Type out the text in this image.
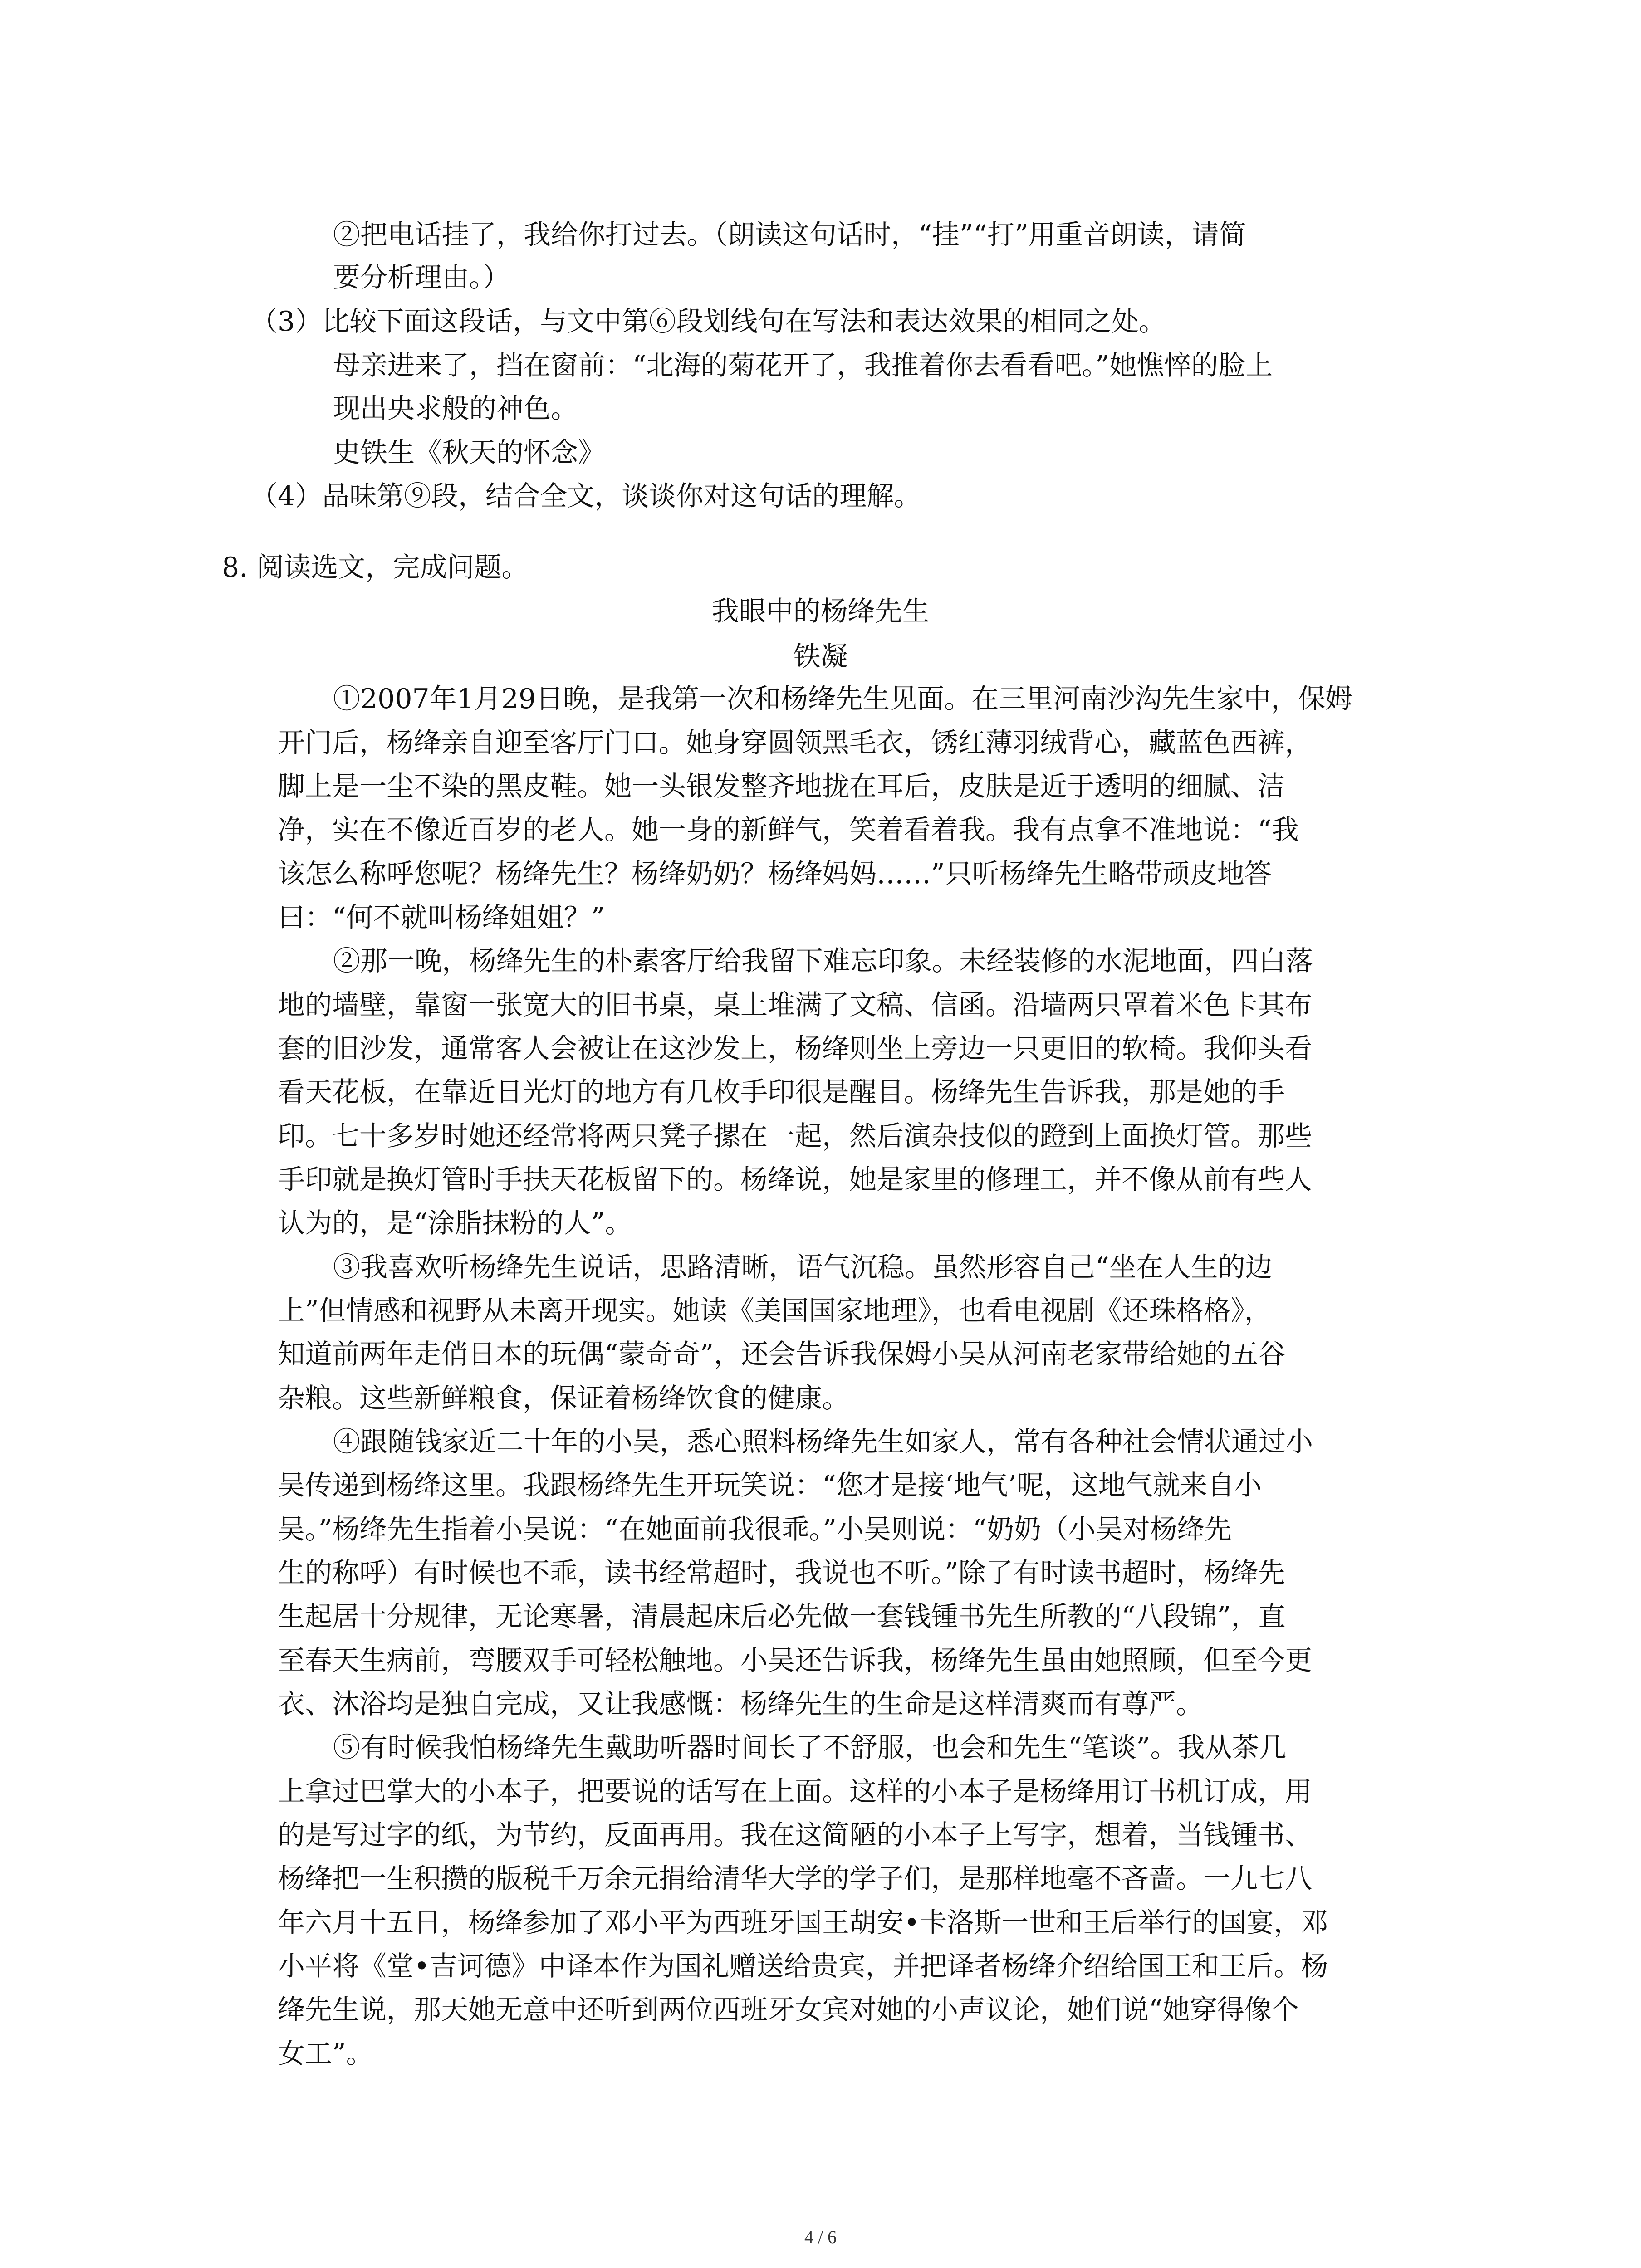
②把电话挂了，我给你打过去。（朗读这句话时，“挂”“打”用重音朗读，请简

要分析理由。）

（3）比较下面这段话，与文中第⑥段划线句在写法和表达效果的相同之处。

母亲进来了，挡在窗前：“北海的菊花开了，我推着你去看看吧。”她憔悴的脸上

现出央求般的神色。

史铁生《秋天的怀念》

（4）品味第⑨段，结合全文，谈谈你对这句话的理解。

8. 阅读选文，完成问题。

我眼中的杨绛先生

铁凝

①2007年1月29日晚，是我第一次和杨绛先生见面。在三里河南沙沟先生家中，保姆

开门后，杨绛亲自迎至客厅门口。她身穿圆领黑毛衣，锈红薄羽绒背心，藏蓝色西裤，

脚上是一尘不染的黑皮鞋。她一头银发整齐地拢在耳后，皮肤是近于透明的细腻、洁

净，实在不像近百岁的老人。她一身的新鲜气，笑着看着我。我有点拿不准地说：“我

该怎么称呼您呢？杨绛先生？杨绛奶奶？杨绛妈妈……”只听杨绛先生略带顽皮地答

曰：“何不就叫杨绛姐姐？”

②那一晚，杨绛先生的朴素客厅给我留下难忘印象。未经装修的水泥地面，四白落

地的墙壁，靠窗一张宽大的旧书桌，桌上堆满了文稿、信函。沿墙两只罩着米色卡其布

套的旧沙发，通常客人会被让在这沙发上，杨绛则坐上旁边一只更旧的软椅。我仰头看

看天花板，在靠近日光灯的地方有几枚手印很是醒目。杨绛先生告诉我，那是她的手

印。七十多岁时她还经常将两只凳子摞在一起，然后演杂技似的蹬到上面换灯管。那些

手印就是换灯管时手扶天花板留下的。杨绛说，她是家里的修理工，并不像从前有些人

认为的，是“涂脂抹粉的人”。

③我喜欢听杨绛先生说话，思路清晰，语气沉稳。虽然形容自己“坐在人生的边

上”但情感和视野从未离开现实。她读《美国国家地理》，也看电视剧《还珠格格》，

知道前两年走俏日本的玩偶“蒙奇奇”，还会告诉我保姆小吴从河南老家带给她的五谷

杂粮。这些新鲜粮食，保证着杨绛饮食的健康。

④跟随钱家近二十年的小吴，悉心照料杨绛先生如家人，常有各种社会情状通过小

吴传递到杨绛这里。我跟杨绛先生开玩笑说：“您才是接‘地气’呢，这地气就来自小

吴。”杨绛先生指着小吴说：“在她面前我很乖。”小吴则说：“奶奶（小吴对杨绛先

生的称呼）有时候也不乖，读书经常超时，我说也不听。”除了有时读书超时，杨绛先

生起居十分规律，无论寒暑，清晨起床后必先做一套钱锺书先生所教的“八段锦”，直

至春天生病前，弯腰双手可轻松触地。小吴还告诉我，杨绛先生虽由她照顾，但至今更

衣、沐浴均是独自完成，又让我感慨：杨绛先生的生命是这样清爽而有尊严。

⑤有时候我怕杨绛先生戴助听器时间长了不舒服，也会和先生“笔谈”。我从茶几

上拿过巴掌大的小本子，把要说的话写在上面。这样的小本子是杨绛用订书机订成，用

的是写过字的纸，为节约，反面再用。我在这简陋的小本子上写字，想着，当钱锺书、

杨绛把一生积攒的版税千万余元捐给清华大学的学子们，是那样地毫不吝啬。一九七八

年六月十五日，杨绛参加了邓小平为西班牙国王胡安•卡洛斯一世和王后举行的国宴，邓

小平将《堂•吉诃德》中译本作为国礼赠送给贵宾，并把译者杨绛介绍给国王和王后。杨

绛先生说，那天她无意中还听到两位西班牙女宾对她的小声议论，她们说“她穿得像个

女工”。

4 / 6
